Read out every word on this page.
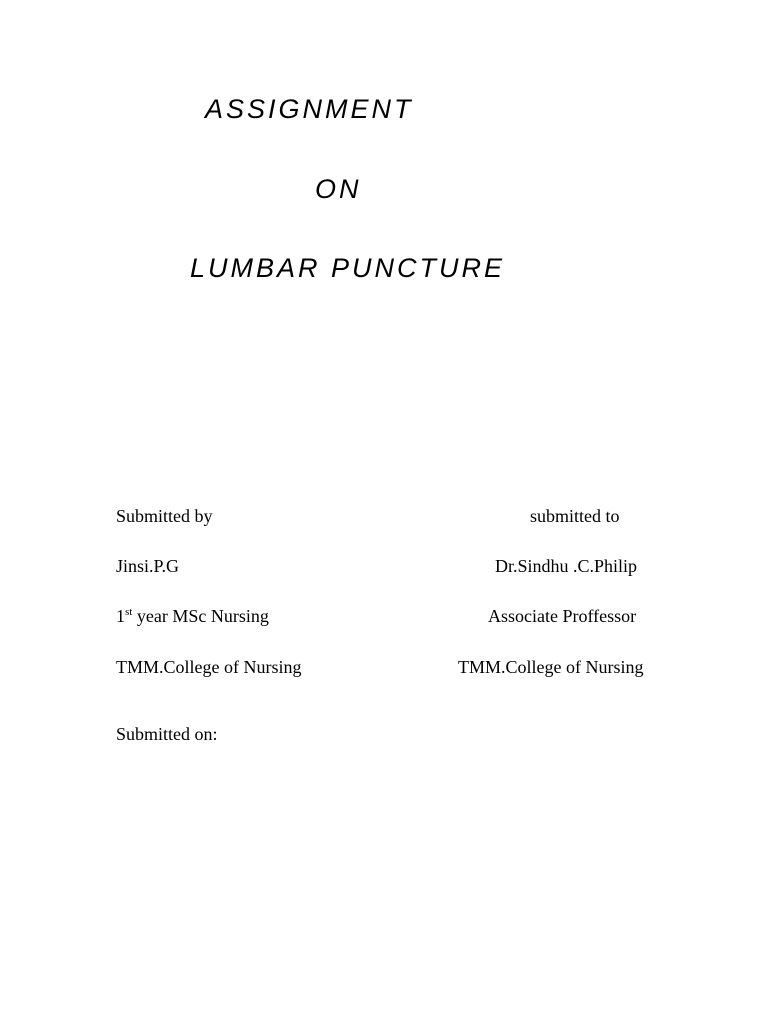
ASSIGNMENT
ON
LUMBAR PUNCTURE
Submitted by
Jinsi.P.G
1st year MSc Nursing
TMM.College of Nursing
submitted to
Dr.Sindhu .C.Philip
Associate Proffessor
TMM.College of Nursing
Submitted on:
